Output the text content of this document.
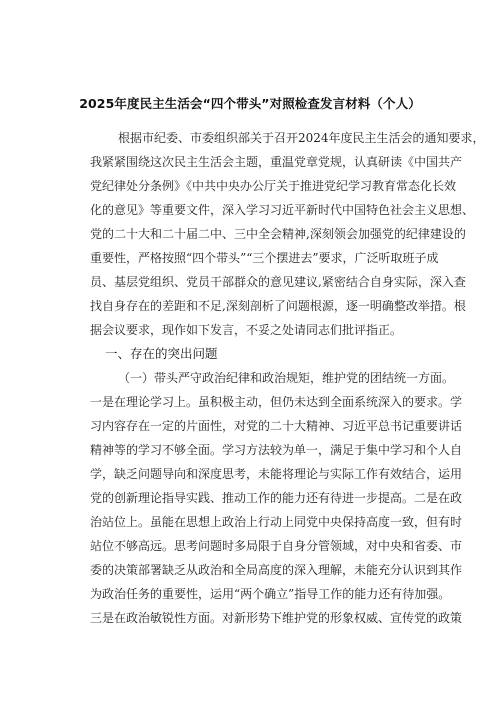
2025年度民主生活会“四个带头”对照检查发言材料（个人）
根据市纪委、市委组织部关于召开2024年度民主生活会的通知要求，
我紧紧围绕这次民主生活会主题，重温党章党规，认真研读《中国共产
党纪律处分条例》《中共中央办公厅关于推进党纪学习教育常态化长效
化的意见》等重要文件，深入学习习近平新时代中国特色社会主义思想、
党的二十大和二十届二中、三中全会精神,深刻领会加强党的纪律建设的
重要性，严格按照“四个带头”“三个摆进去”要求，广泛听取班子成
员、基层党组织、党员干部群众的意见建议,紧密结合自身实际，深入查
找自身存在的差距和不足,深刻剖析了问题根源，逐一明确整改举措。根
据会议要求，现作如下发言，不妥之处请同志们批评指正。
一、存在的突出问题
（一）带头严守政治纪律和政治规矩，维护党的团结统一方面。
一是在理论学习上。虽积极主动，但仍未达到全面系统深入的要求。学
习内容存在一定的片面性，对党的二十大精神、习近平总书记重要讲话
精神等的学习不够全面。学习方法较为单一，满足于集中学习和个人自
学，缺乏问题导向和深度思考，未能将理论与实际工作有效结合，运用
党的创新理论指导实践、推动工作的能力还有待进一步提高。二是在政
治站位上。虽能在思想上政治上行动上同党中央保持高度一致，但有时
站位不够高远。思考问题时多局限于自身分管领域，对中央和省委、市
委的决策部署缺乏从政治和全局高度的深入理解，未能充分认识到其作
为政治任务的重要性，运用“两个确立”指导工作的能力还有待加强。
三是在政治敏锐性方面。对新形势下维护党的形象权威、宣传党的政策
